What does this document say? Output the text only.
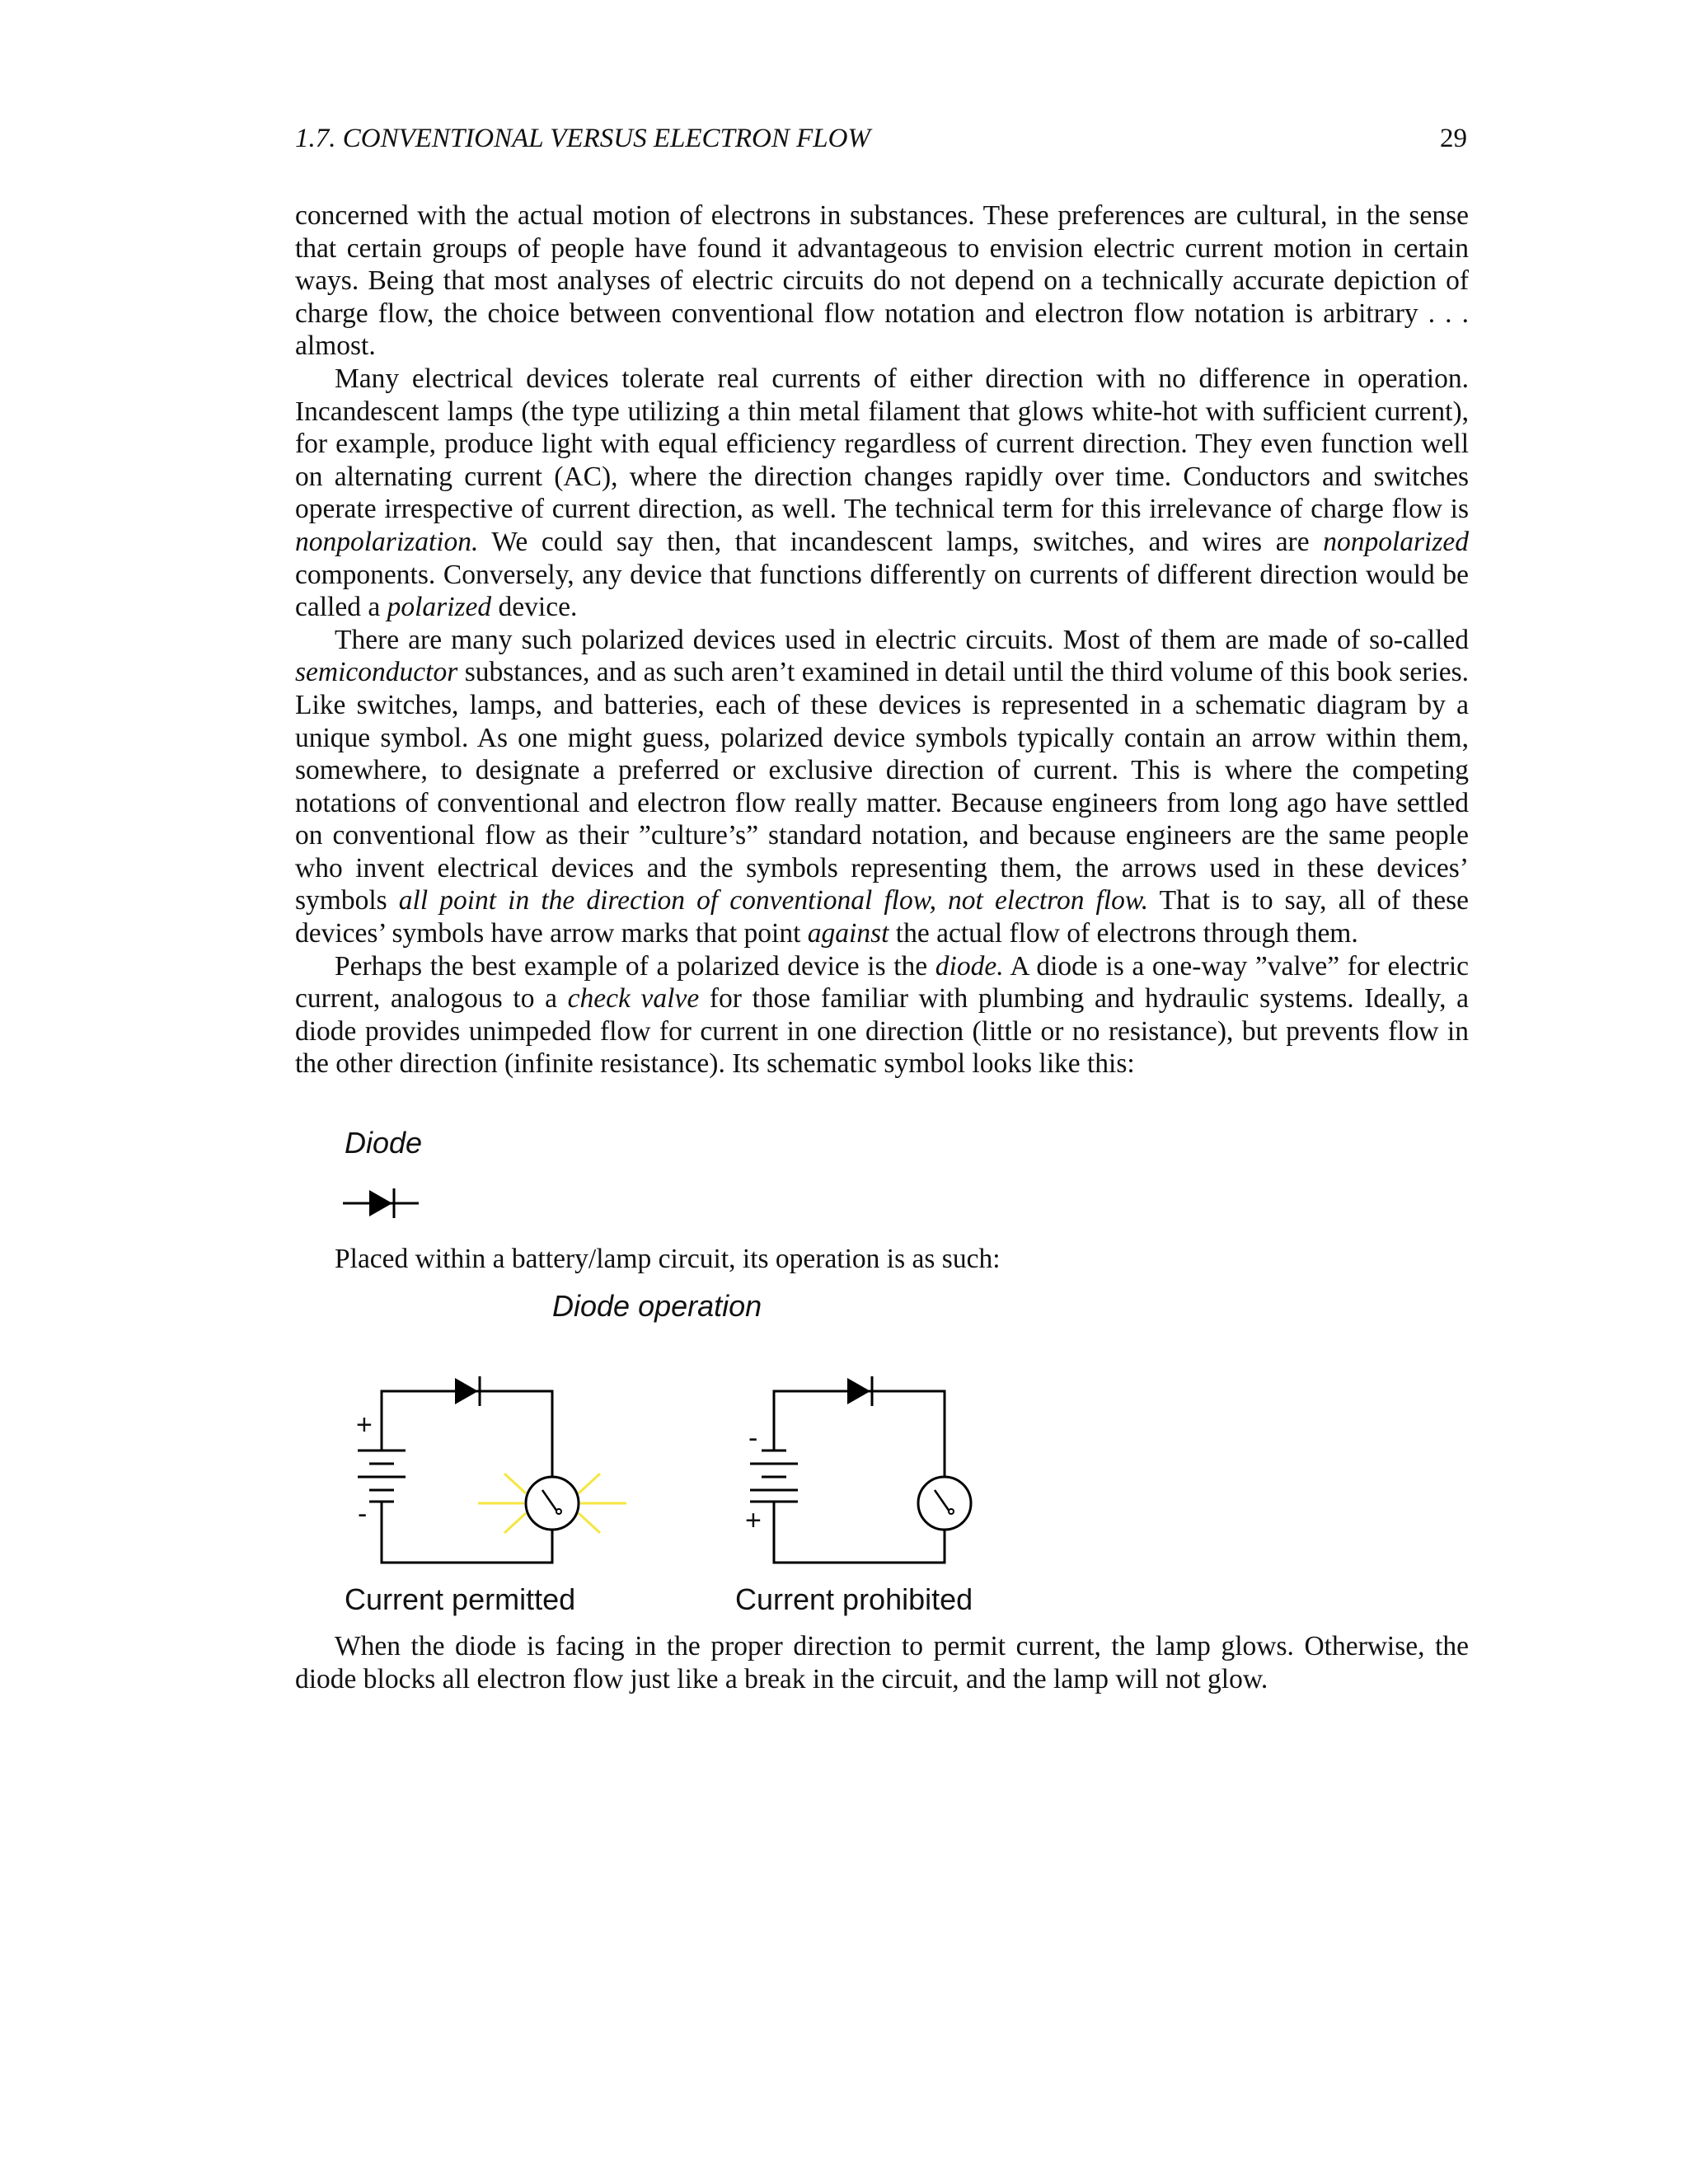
1.7. CONVENTIONAL VERSUS ELECTRON FLOW	29

concerned with the actual motion of electrons in substances. These preferences are cultural, in the sense that certain groups of people have found it advantageous to envision electric current motion in certain ways. Being that most analyses of electric circuits do not depend on a technically accurate depiction of charge flow, the choice between conventional flow notation and electron flow notation is arbitrary . . . almost.

Many electrical devices tolerate real currents of either direction with no difference in operation. Incandescent lamps (the type utilizing a thin metal filament that glows white-hot with sufficient current), for example, produce light with equal efficiency regardless of current direction. They even function well on alternating current (AC), where the direction changes rapidly over time. Conductors and switches operate irrespective of current direction, as well. The technical term for this irrelevance of charge flow is nonpolarization. We could say then, that incandescent lamps, switches, and wires are nonpolarized components. Conversely, any device that functions differently on currents of different direction would be called a polarized device.

There are many such polarized devices used in electric circuits. Most of them are made of so-called semiconductor substances, and as such aren’t examined in detail until the third volume of this book series. Like switches, lamps, and batteries, each of these devices is represented in a schematic diagram by a unique symbol. As one might guess, polarized device symbols typically contain an arrow within them, somewhere, to designate a preferred or exclusive direction of current. This is where the competing notations of conventional and electron flow really matter. Because engineers from long ago have settled on conventional flow as their ”culture’s” standard notation, and because engineers are the same people who invent electrical devices and the symbols representing them, the arrows used in these devices’ symbols all point in the direction of conventional flow, not electron flow. That is to say, all of these devices’ symbols have arrow marks that point against the actual flow of electrons through them.

Perhaps the best example of a polarized device is the diode. A diode is a one-way ”valve” for electric current, analogous to a check valve for those familiar with plumbing and hydraulic systems. Ideally, a diode provides unimpeded flow for current in one direction (little or no resistance), but prevents flow in the other direction (infinite resistance). Its schematic symbol looks like this:

Diode

Placed within a battery/lamp circuit, its operation is as such:

Diode operation
+
-
Current permitted
-
+
Current prohibited

When the diode is facing in the proper direction to permit current, the lamp glows. Otherwise, the diode blocks all electron flow just like a break in the circuit, and the lamp will not glow.
